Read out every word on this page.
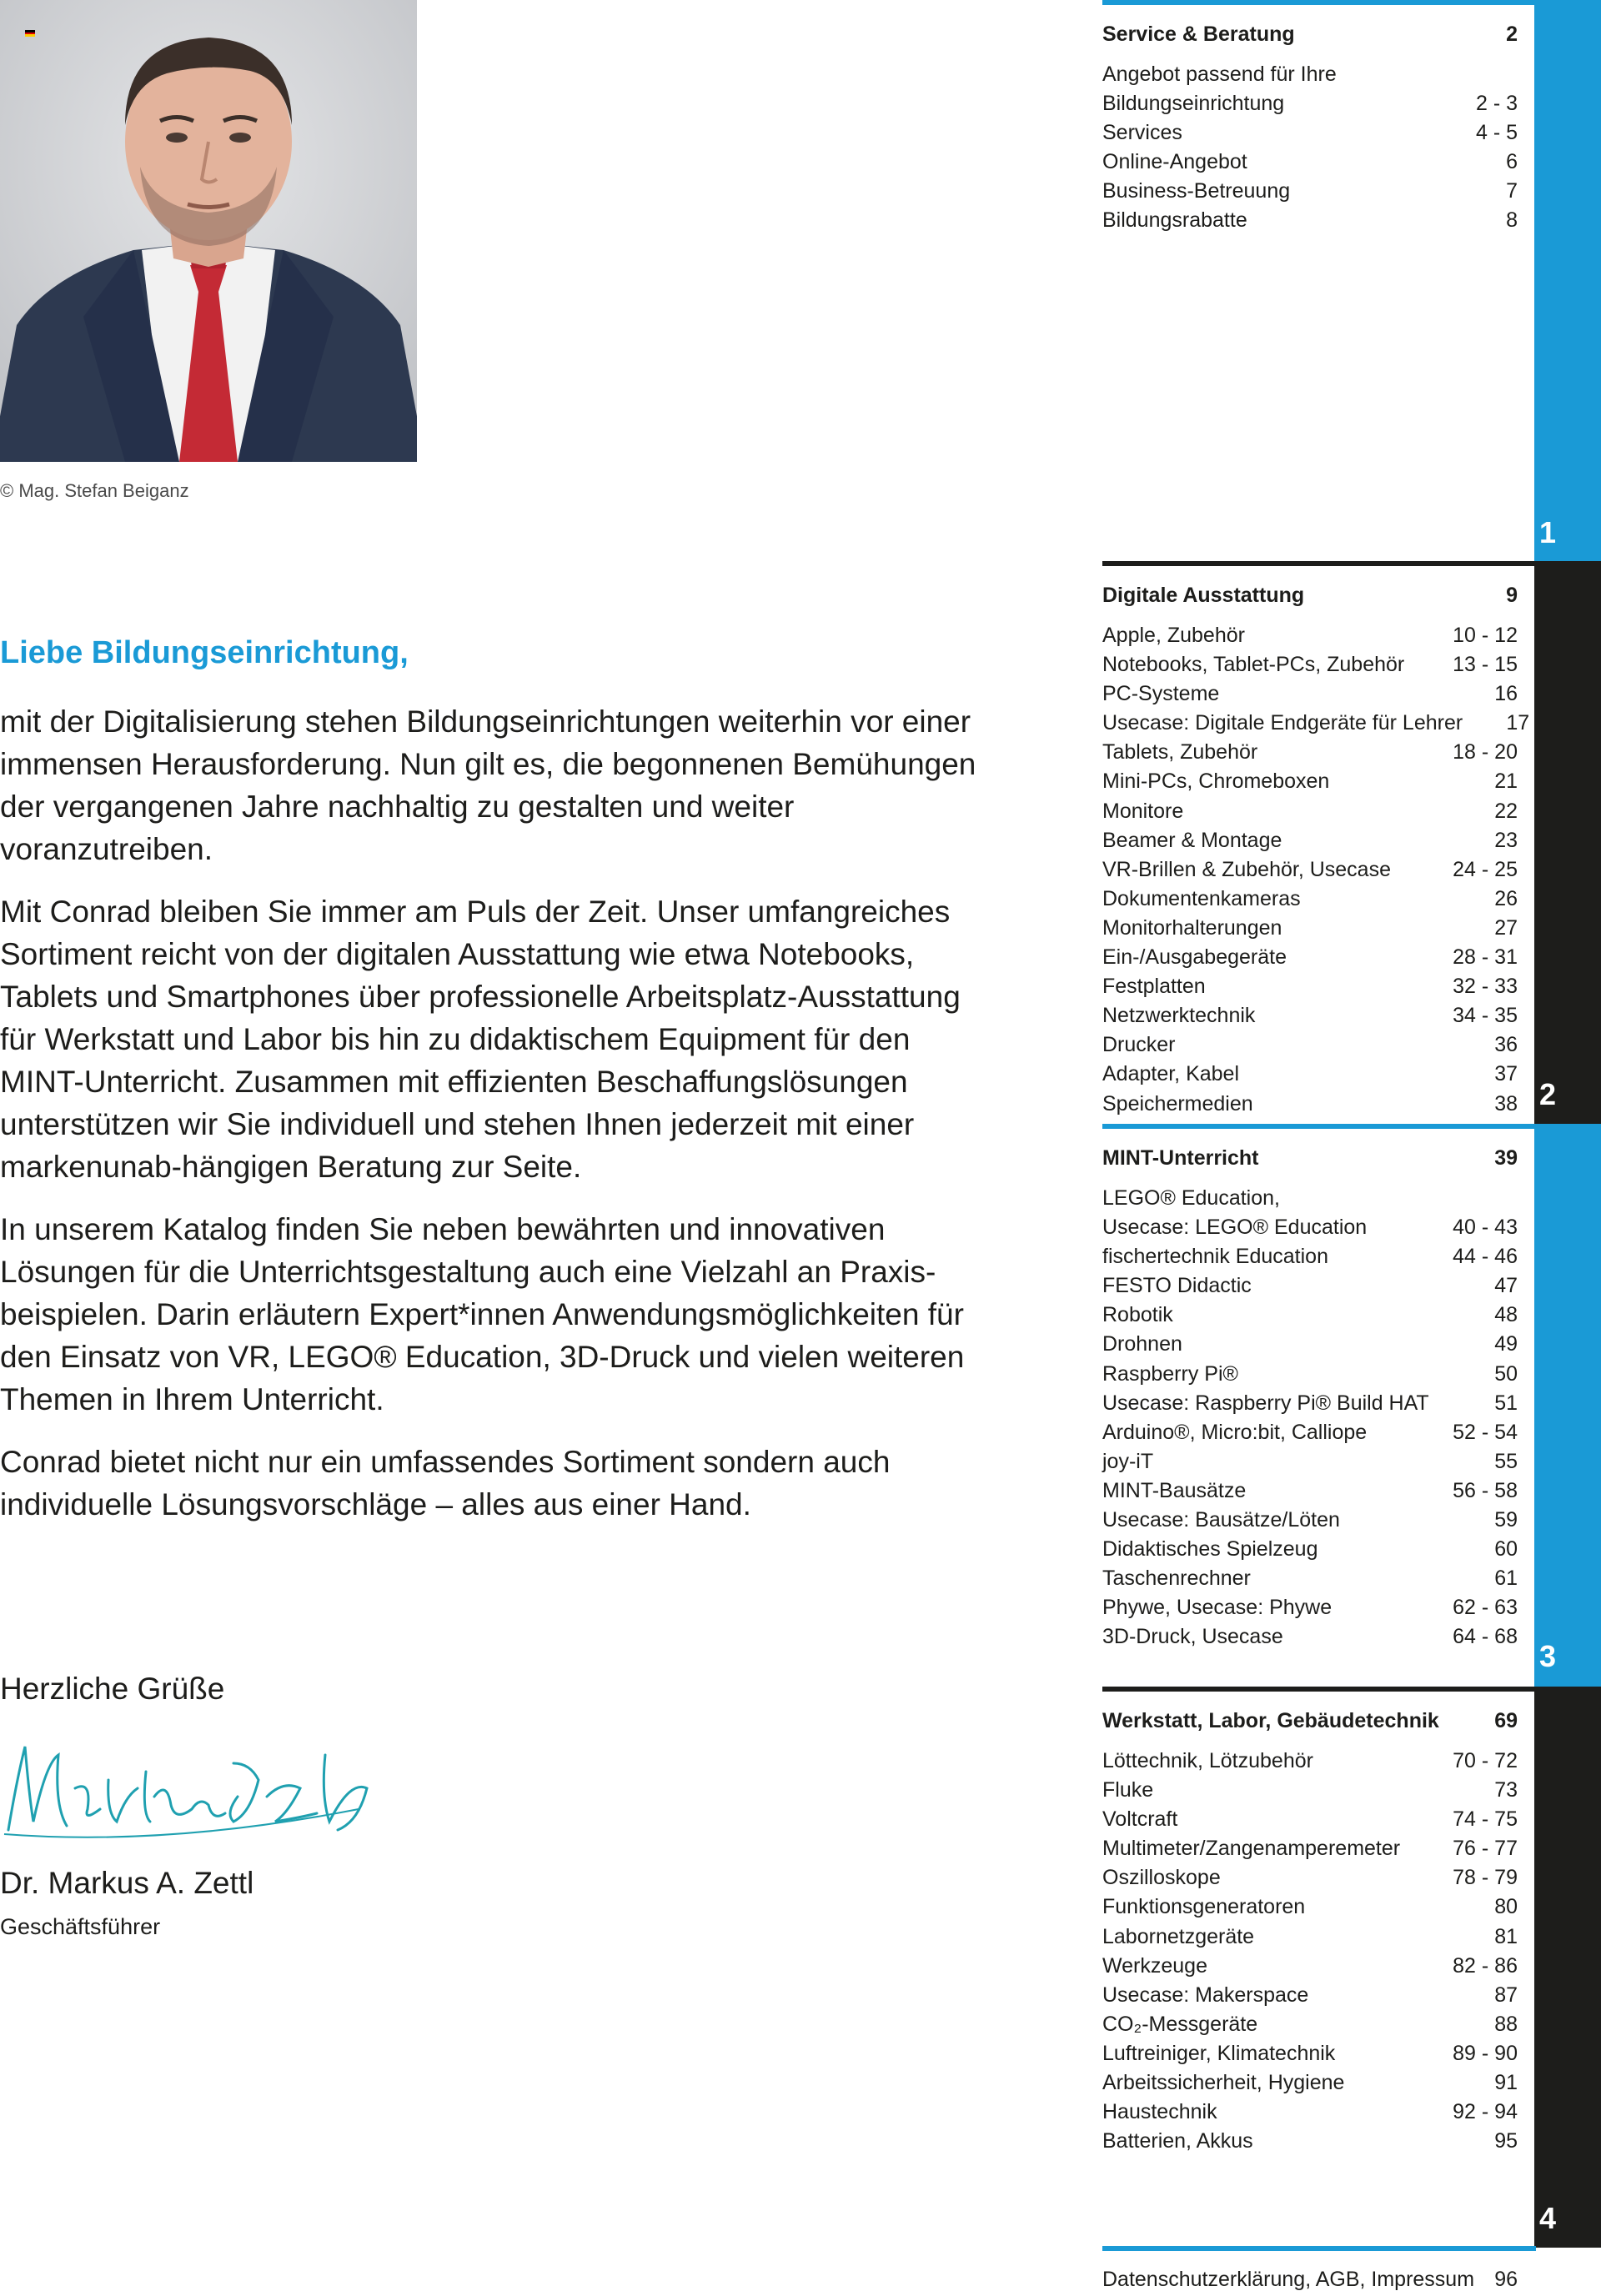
© Mag. Stefan Beiganz
Liebe Bildungseinrichtung,

mit der Digitalisierung stehen Bildungseinrichtungen weiterhin vor einer immensen Herausforderung. Nun gilt es, die begonnenen Bemühungen der vergangenen Jahre nachhaltig zu gestalten und weiter voranzutreiben.

Mit Conrad bleiben Sie immer am Puls der Zeit. Unser umfangreiches Sortiment reicht von der digitalen Ausstattung wie etwa Notebooks, Tablets und Smartphones über professionelle Arbeitsplatz-Ausstattung für Werkstatt und Labor bis hin zu didaktischem Equipment für den MINT-Unterricht. Zusammen mit effizienten Beschaffungslösungen unterstützen wir Sie individuell und stehen Ihnen jederzeit mit einer markenunab-hängigen Beratung zur Seite.

In unserem Katalog finden Sie neben bewährten und innovativen Lösungen für die Unterrichtsgestaltung auch eine Vielzahl an Praxis-beispielen. Darin erläutern Expert*innen Anwendungsmöglichkeiten für den Einsatz von VR, LEGO® Education, 3D-Druck und vielen weiteren Themen in Ihrem Unterricht.

Conrad bietet nicht nur ein umfassendes Sortiment sondern auch individuelle Lösungsvorschläge – alles aus einer Hand.

Herzliche Grüße
Dr. Markus A. Zettl
Geschäftsführer
1
2
3
4
Service & Beratung	2
Angebot passend für Ihre
Bildungseinrichtung	2 - 3
Services	4 - 5
Online-Angebot	6
Business-Betreuung	7
Bildungsrabatte	8
Digitale Ausstattung	9
Apple, Zubehör	10 - 12
Notebooks, Tablet-PCs, Zubehör 13 - 15
PC-Systeme	16
Usecase: Digitale Endgeräte für Lehrer	17
Tablets, Zubehör	18 - 20
Mini-PCs, Chromeboxen	21
Monitore	22
Beamer & Montage	23
VR-Brillen & Zubehör, Usecase	24 - 25
Dokumentenkameras	26
Monitorhalterungen	27
Ein-/Ausgabegeräte	28 - 31
Festplatten	32 - 33
Netzwerktechnik	34 - 35
Drucker	36
Adapter, Kabel	37
Speichermedien	38
MINT-Unterricht	39
LEGO® Education,
Usecase: LEGO® Education	40 - 43
fischertechnik Education	44 - 46
FESTO Didactic	47
Robotik	48
Drohnen	49
Raspberry Pi®	50
Usecase: Raspberry Pi® Build HAT	51
Arduino®, Micro:bit, Calliope	52 - 54
joy-iT	55
MINT-Bausätze	56 - 58
Usecase: Bausätze/Löten	59
Didaktisches Spielzeug	60
Taschenrechner	61
Phywe, Usecase: Phywe	62 - 63
3D-Druck, Usecase	64 - 68
Werkstatt, Labor, Gebäudetechnik	69
Löttechnik, Lötzubehör	70 - 72
Fluke	73
Voltcraft	74 - 75
Multimeter/Zangenamperemeter	76 - 77
Oszilloskope	78 - 79
Funktionsgeneratoren	80
Labornetzgeräte	81
Werkzeuge	82 - 86
Usecase: Makerspace	87
CO₂-Messgeräte	88
Luftreiniger, Klimatechnik	89 - 90
Arbeitssicherheit, Hygiene	91
Haustechnik	92 - 94
Batterien, Akkus	95
Datenschutzerklärung, AGB, Impressum 96
